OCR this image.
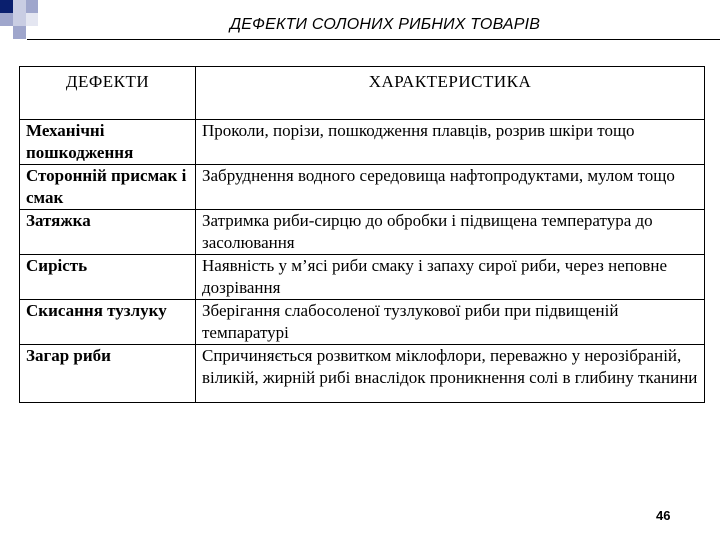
ДЕФЕКТИ СОЛОНИХ РИБНИХ ТОВАРІВ
ДЕФЕКТИ	ХАРАКТЕРИСТИКА
Механічні пошкодження	Проколи, порізи, пошкодження плавців, розрив шкіри тощо
Сторонній присмак і смак	Забруднення водного середовища нафтопродуктами, мулом тощо
Затяжка	Затримка риби-сирцю до обробки і підвищена температура до засолювання
Сирість	Наявність у м’ясі риби смаку і запаху сирої риби, через неповне дозрівання
Скисання тузлуку	Зберігання слабосоленої тузлукової риби при підвищеній темпаратурі
Загар риби	Спричиняється розвитком міклофлори, переважно у нерозібраній, віликій, жирній рибі внаслідок проникнення солі в глибину тканини
46
